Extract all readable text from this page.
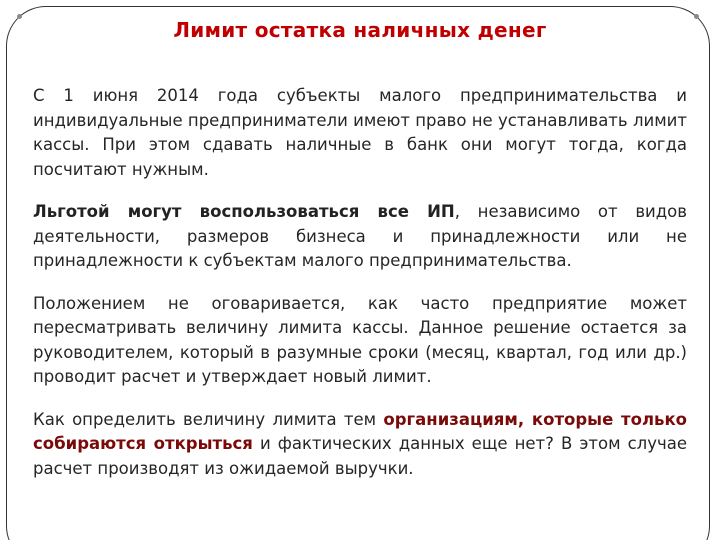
Лимит остатка наличных денег

С 1 июня 2014 года субъекты малого предпринимательства и индивидуальные предприниматели имеют право не устанавливать лимит кассы. При этом сдавать наличные в банк они могут тогда, когда посчитают нужным.

Льготой могут воспользоваться все ИП, независимо от видов деятельности, размеров бизнеса и принадлежности или не принадлежности к субъектам малого предпринимательства.

Положением не оговаривается, как часто предприятие может пересматривать величину лимита кассы. Данное решение остается за руководителем, который в разумные сроки (месяц, квартал, год или др.) проводит расчет и утверждает новый лимит.

Как определить величину лимита тем организациям, которые только собираются открыться и фактических данных еще нет? В этом случае расчет производят из ожидаемой выручки.
